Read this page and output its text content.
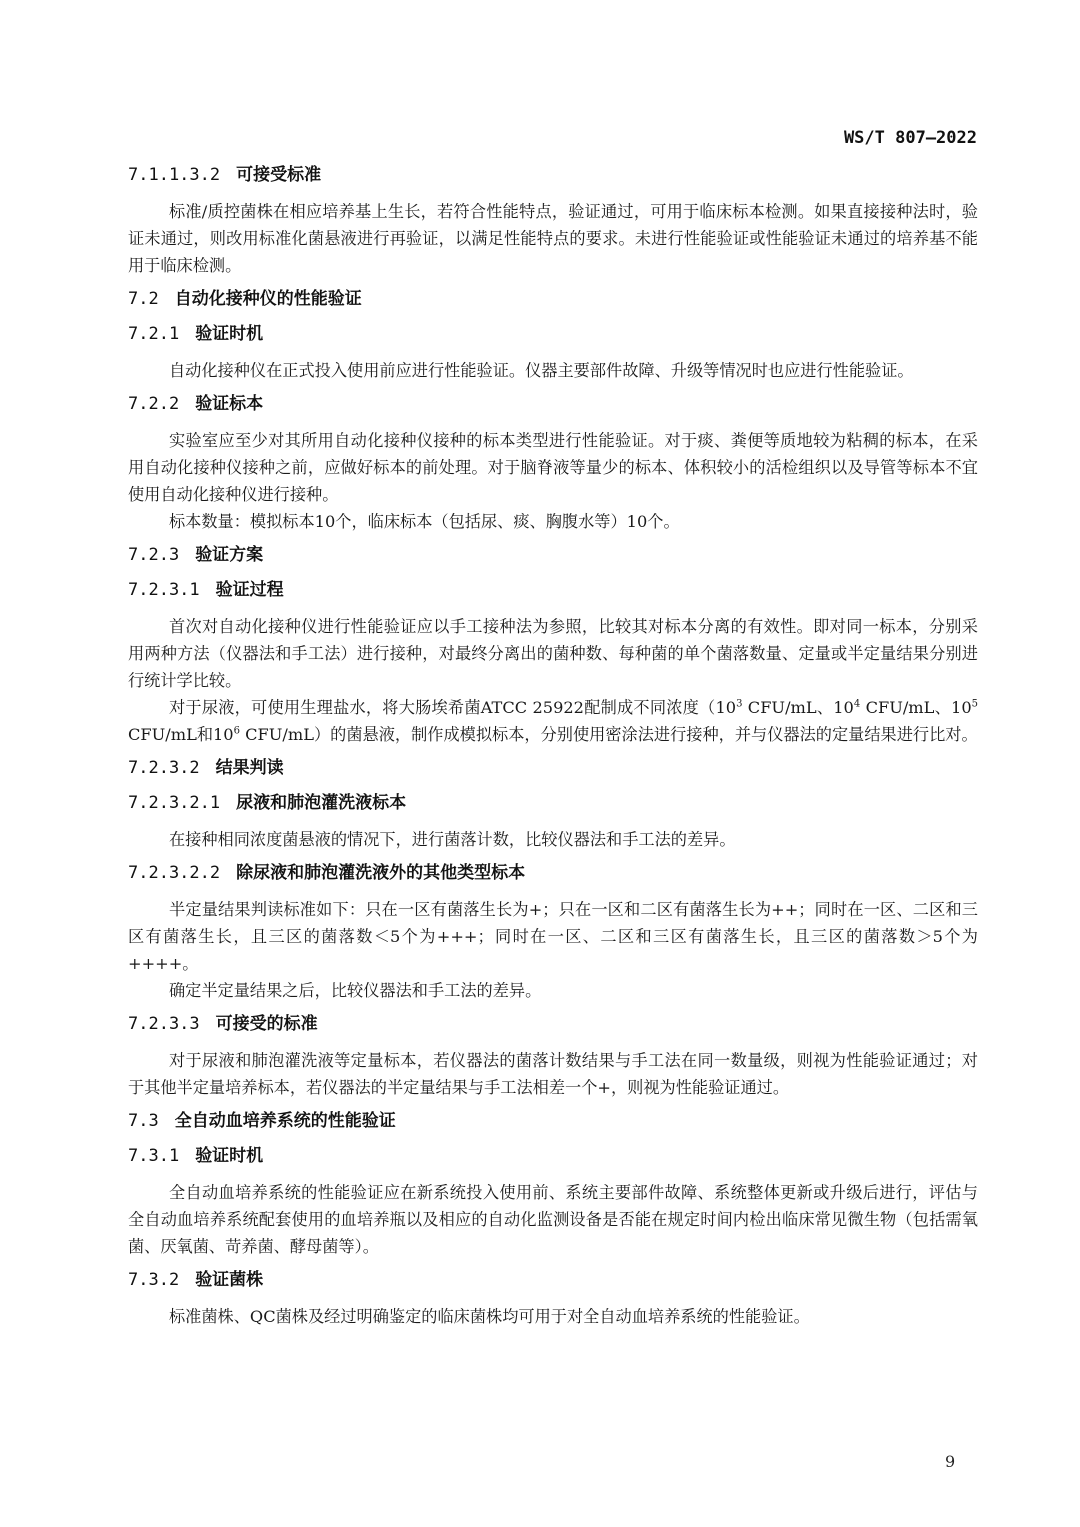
WS/T 807—2022
7.1.1.3.2 可接受标准

标准/质控菌株在相应培养基上生长，若符合性能特点，验证通过，可用于临床标本检测。如果直接接种法时，验证未通过，则改用标准化菌悬液进行再验证，以满足性能特点的要求。未进行性能验证或性能验证未通过的培养基不能用于临床检测。

7.2 自动化接种仪的性能验证
7.2.1 验证时机

自动化接种仪在正式投入使用前应进行性能验证。仪器主要部件故障、升级等情况时也应进行性能验证。

7.2.2 验证标本

实验室应至少对其所用自动化接种仪接种的标本类型进行性能验证。对于痰、粪便等质地较为粘稠的标本，在采用自动化接种仪接种之前，应做好标本的前处理。对于脑脊液等量少的标本、体积较小的活检组织以及导管等标本不宜使用自动化接种仪进行接种。

标本数量：模拟标本10个，临床标本（包括尿、痰、胸腹水等）10个。

7.2.3 验证方案
7.2.3.1 验证过程

首次对自动化接种仪进行性能验证应以手工接种法为参照，比较其对标本分离的有效性。即对同一标本，分别采用两种方法（仪器法和手工法）进行接种，对最终分离出的菌种数、每种菌的单个菌落数量、定量或半定量结果分别进行统计学比较。

对于尿液，可使用生理盐水，将大肠埃希菌ATCC 25922配制成不同浓度（$10^3$ CFU/mL、$10^4$ CFU/mL、$10^5$ CFU/mL和$10^6$ CFU/mL）的菌悬液，制作成模拟标本，分别使用密涂法进行接种，并与仪器法的定量结果进行比对。

7.2.3.2 结果判读
7.2.3.2.1 尿液和肺泡灌洗液标本

在接种相同浓度菌悬液的情况下，进行菌落计数，比较仪器法和手工法的差异。

7.2.3.2.2 除尿液和肺泡灌洗液外的其他类型标本

半定量结果判读标准如下：只在一区有菌落生长为+；只在一区和二区有菌落生长为++；同时在一区、二区和三区有菌落生长，且三区的菌落数＜5个为+++；同时在一区、二区和三区有菌落生长，且三区的菌落数＞5个为++++。

确定半定量结果之后，比较仪器法和手工法的差异。

7.2.3.3 可接受的标准

对于尿液和肺泡灌洗液等定量标本，若仪器法的菌落计数结果与手工法在同一数量级，则视为性能验证通过；对于其他半定量培养标本，若仪器法的半定量结果与手工法相差一个+，则视为性能验证通过。

7.3 全自动血培养系统的性能验证
7.3.1 验证时机

全自动血培养系统的性能验证应在新系统投入使用前、系统主要部件故障、系统整体更新或升级后进行，评估与全自动血培养系统配套使用的血培养瓶以及相应的自动化监测设备是否能在规定时间内检出临床常见微生物（包括需氧菌、厌氧菌、苛养菌、酵母菌等）。

7.3.2 验证菌株

标准菌株、QC菌株及经过明确鉴定的临床菌株均可用于对全自动血培养系统的性能验证。

9
